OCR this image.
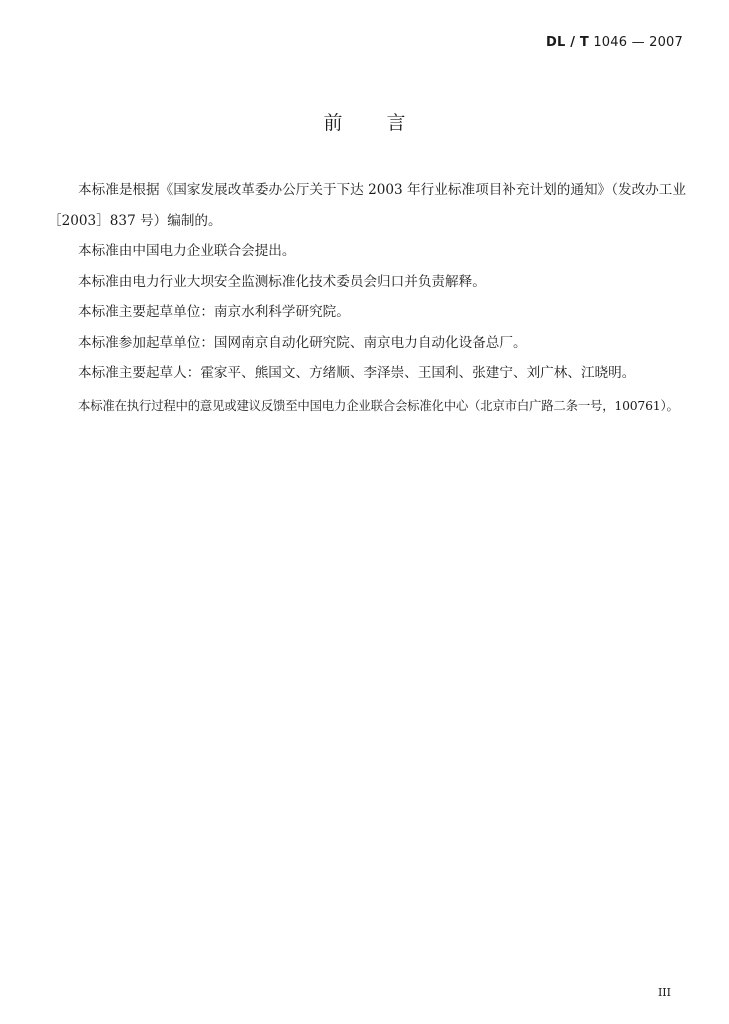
DL / T 1046 — 2007
前言

本标准是根据《国家发展改革委办公厅关于下达 2003 年行业标准项目补充计划的通知》（发改办工业［2003］837 号）编制的。

本标准由中国电力企业联合会提出。

本标准由电力行业大坝安全监测标准化技术委员会归口并负责解释。

本标准主要起草单位：南京水利科学研究院。

本标准参加起草单位：国网南京自动化研究院、南京电力自动化设备总厂。

本标准主要起草人：霍家平、熊国文、方绪顺、李泽崇、王国利、张建宁、刘广林、江晓明。

本标准在执行过程中的意见或建议反馈至中国电力企业联合会标准化中心（北京市白广路二条一号，100761）。

III
